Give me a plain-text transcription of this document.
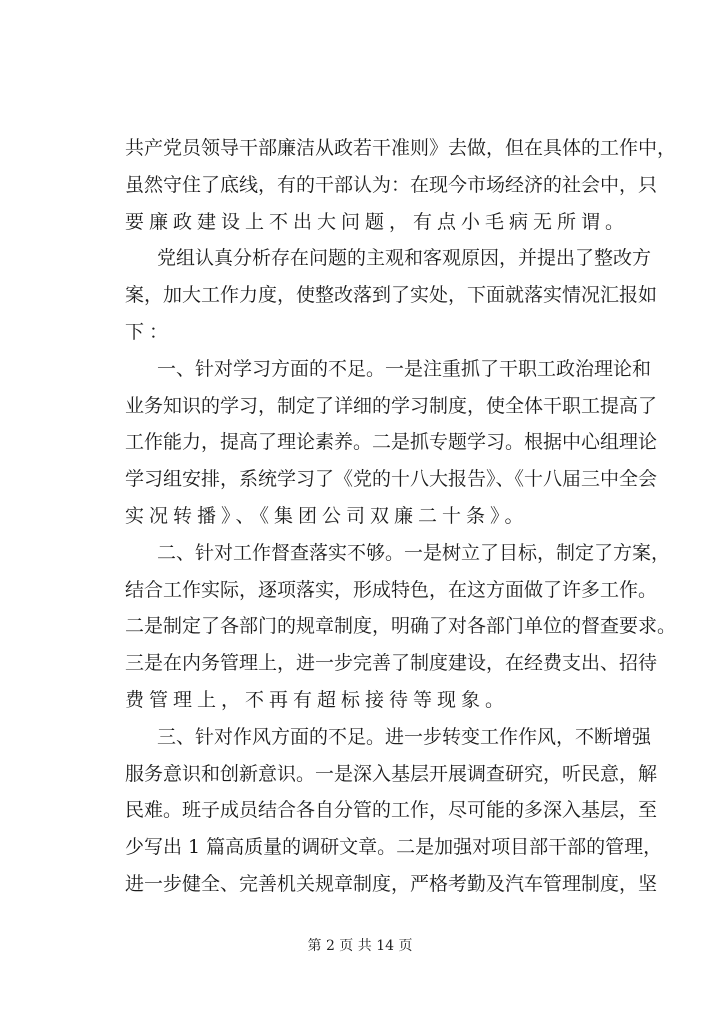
共产党员领导干部廉洁从政若干准则》去做，但在具体的工作中，
虽然守住了底线，有的干部认为：在现今市场经济的社会中，只
要廉政建设上不出大问题，有点小毛病无所谓。
党组认真分析存在问题的主观和客观原因，并提出了整改方
案，加大工作力度，使整改落到了实处，下面就落实情况汇报如
下：
一、针对学习方面的不足。一是注重抓了干职工政治理论和
业务知识的学习，制定了详细的学习制度，使全体干职工提高了
工作能力，提高了理论素养。二是抓专题学习。根据中心组理论
学习组安排，系统学习了《党的十八大报告》、《十八届三中全会
实况转播》、《集团公司双廉二十条》。
二、针对工作督查落实不够。一是树立了目标，制定了方案，
结合工作实际，逐项落实，形成特色，在这方面做了许多工作。
二是制定了各部门的规章制度，明确了对各部门单位的督查要求。
三是在内务管理上，进一步完善了制度建设，在经费支出、招待
费管理上，不再有超标接待等现象。
三、针对作风方面的不足。进一步转变工作作风，不断增强
服务意识和创新意识。一是深入基层开展调查研究，听民意，解
民难。班子成员结合各自分管的工作，尽可能的多深入基层，至
少写出 1 篇高质量的调研文章。二是加强对项目部干部的管理，
进一步健全、完善机关规章制度，严格考勤及汽车管理制度，坚
第 2 页 共 14 页
